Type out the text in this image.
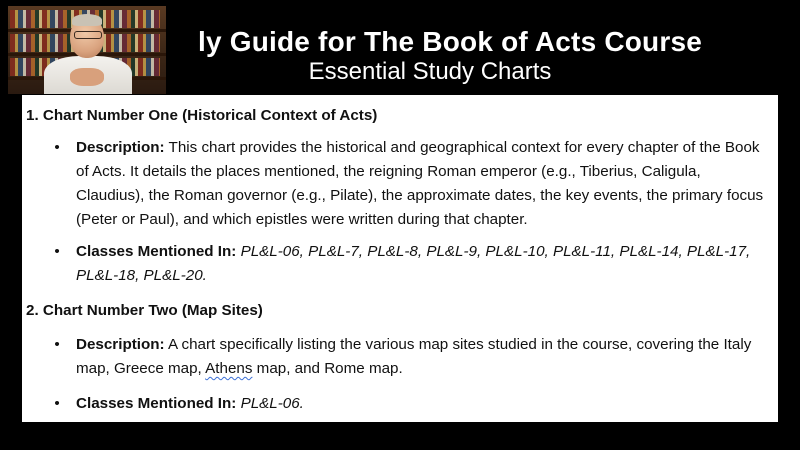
ly Guide for The Book of Acts Course
Essential Study Charts
1. Chart Number One (Historical Context of Acts)
• Description: This chart provides the historical and geographical context for every chapter of the Book of Acts. It details the places mentioned, the reigning Roman emperor (e.g., Tiberius, Caligula, Claudius), the Roman governor (e.g., Pilate), the approximate dates, the key events, the primary focus (Peter or Paul), and which epistles were written during that chapter.
• Classes Mentioned In: PL&L-06, PL&L-7, PL&L-8, PL&L-9, PL&L-10, PL&L-11, PL&L-14, PL&L-17, PL&L-18, PL&L-20.
2. Chart Number Two (Map Sites)
• Description: A chart specifically listing the various map sites studied in the course, covering the Italy map, Greece map, Athens map, and Rome map.
• Classes Mentioned In: PL&L-06.
